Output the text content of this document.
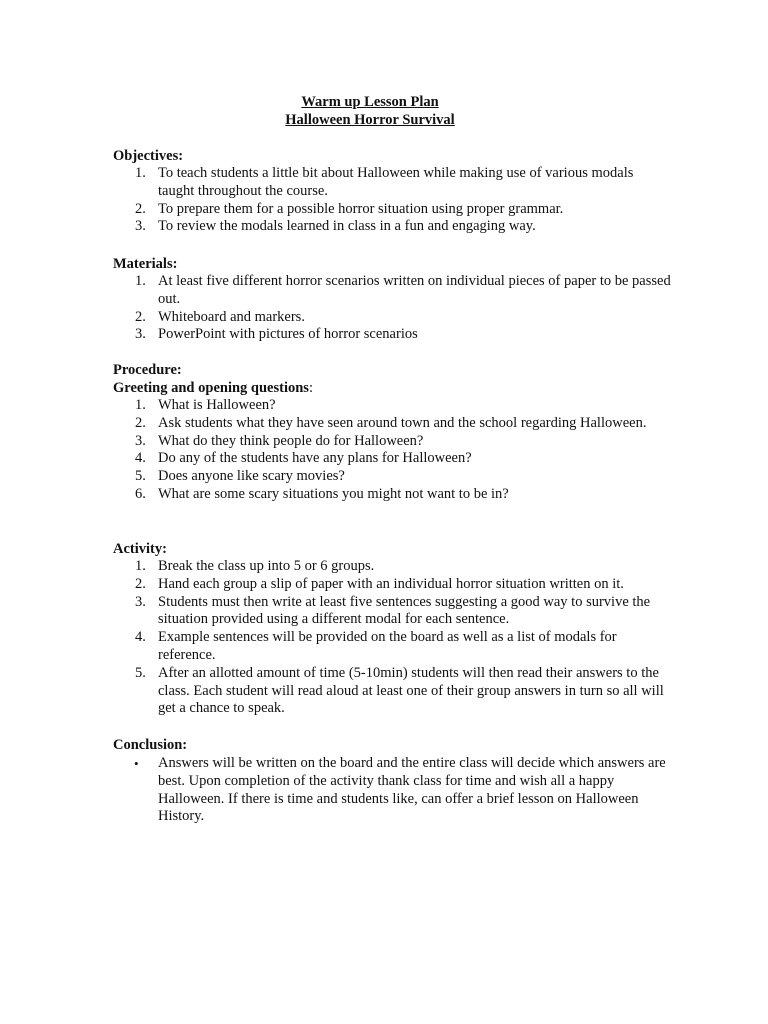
Warm up Lesson Plan
Halloween Horror Survival
Objectives:
1. To teach students a little bit about Halloween while making use of various modals taught throughout the course.
2. To prepare them for a possible horror situation using proper grammar.
3. To review the modals learned in class in a fun and engaging way.
Materials:
1. At least five different horror scenarios written on individual pieces of paper to be passed out.
2. Whiteboard and markers.
3. PowerPoint with pictures of horror scenarios
Procedure:
Greeting and opening questions:
1. What is Halloween?
2. Ask students what they have seen around town and the school regarding Halloween.
3. What do they think people do for Halloween?
4. Do any of the students have any plans for Halloween?
5. Does anyone like scary movies?
6. What are some scary situations you might not want to be in?
Activity:
1. Break the class up into 5 or 6 groups.
2. Hand each group a slip of paper with an individual horror situation written on it.
3. Students must then write at least five sentences suggesting a good way to survive the situation provided using a different modal for each sentence.
4. Example sentences will be provided on the board as well as a list of modals for reference.
5. After an allotted amount of time (5-10min) students will then read their answers to the class. Each student will read aloud at least one of their group answers in turn so all will get a chance to speak.
Conclusion:
• Answers will be written on the board and the entire class will decide which answers are best. Upon completion of the activity thank class for time and wish all a happy Halloween. If there is time and students like, can offer a brief lesson on Halloween History.
